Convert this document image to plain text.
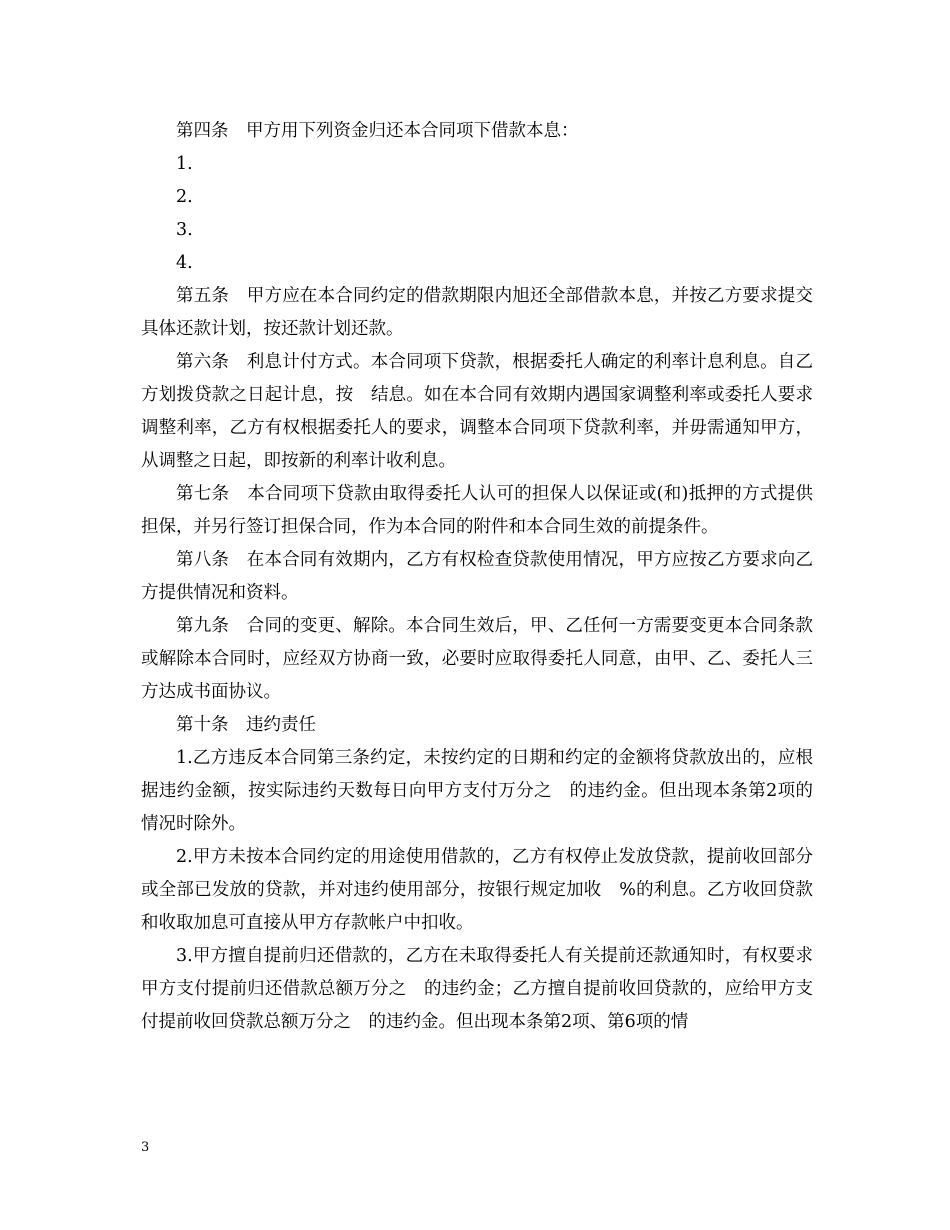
第四条　甲方用下列资金归还本合同项下借款本息：

1.

2.

3.

4.

第五条　甲方应在本合同约定的借款期限内旭还全部借款本息，并按乙方要求提交具体还款计划，按还款计划还款。

第六条　利息计付方式。本合同项下贷款，根据委托人确定的利率计息利息。自乙方划拨贷款之日起计息，按　结息。如在本合同有效期内遇国家调整利率或委托人要求调整利率，乙方有权根据委托人的要求，调整本合同项下贷款利率，并毋需通知甲方，从调整之日起，即按新的利率计收利息。

第七条　本合同项下贷款由取得委托人认可的担保人以保证或(和)抵押的方式提供担保，并另行签订担保合同，作为本合同的附件和本合同生效的前提条件。

第八条　在本合同有效期内，乙方有权检查贷款使用情况，甲方应按乙方要求向乙方提供情况和资料。

第九条　合同的变更、解除。本合同生效后，甲、乙任何一方需要变更本合同条款或解除本合同时，应经双方协商一致，必要时应取得委托人同意，由甲、乙、委托人三方达成书面协议。

第十条　违约责任

1.乙方违反本合同第三条约定，未按约定的日期和约定的金额将贷款放出的，应根据违约金额，按实际违约天数每日向甲方支付万分之　的违约金。但出现本条第2项的情况时除外。

2.甲方未按本合同约定的用途使用借款的，乙方有权停止发放贷款，提前收回部分或全部已发放的贷款，并对违约使用部分，按银行规定加收　%的利息。乙方收回贷款和收取加息可直接从甲方存款帐户中扣收。

3.甲方擅自提前归还借款的，乙方在未取得委托人有关提前还款通知时，有权要求甲方支付提前归还借款总额万分之　的违约金；乙方擅自提前收回贷款的，应给甲方支付提前收回贷款总额万分之　的违约金。但出现本条第2项、第6项的情

3
